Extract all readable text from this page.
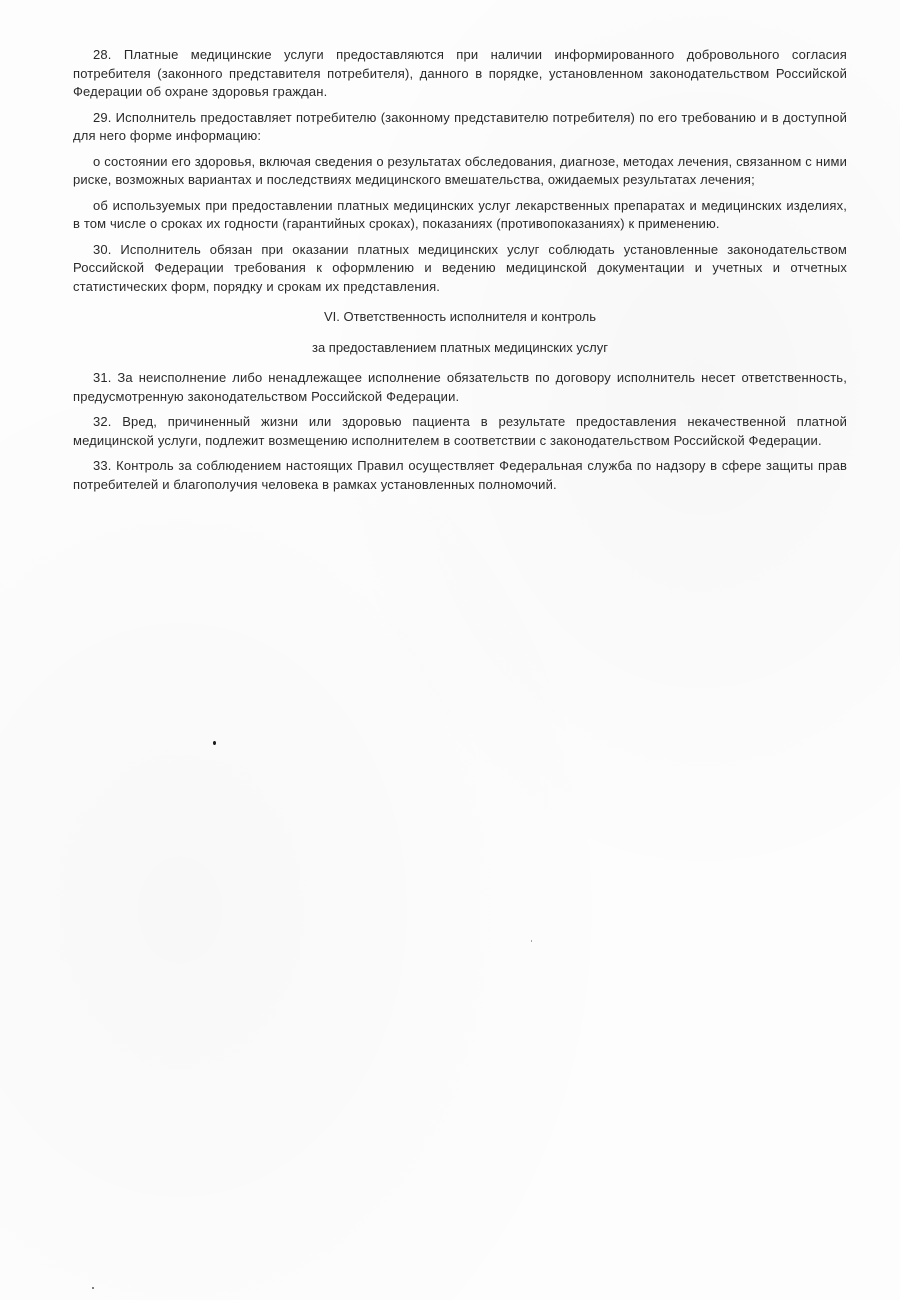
28. Платные медицинские услуги предоставляются при наличии информированного добровольного согласия потребителя (законного представителя потребителя), данного в порядке, установленном законодательством Российской Федерации об охране здоровья граждан.

29. Исполнитель предоставляет потребителю (законному представителю потребителя) по его требованию и в доступной для него форме информацию:

о состоянии его здоровья, включая сведения о результатах обследования, диагнозе, методах лечения, связанном с ними риске, возможных вариантах и последствиях медицинского вмешательства, ожидаемых результатах лечения;

об используемых при предоставлении платных медицинских услуг лекарственных препаратах и медицинских изделиях, в том числе о сроках их годности (гарантийных сроках), показаниях (противопоказаниях) к применению.

30. Исполнитель обязан при оказании платных медицинских услуг соблюдать установленные законодательством Российской Федерации требования к оформлению и ведению медицинской документации и учетных и отчетных статистических форм, порядку и срокам их представления.

VI. Ответственность исполнителя и контроль

за предоставлением платных медицинских услуг

31. За неисполнение либо ненадлежащее исполнение обязательств по договору исполнитель несет ответственность, предусмотренную законодательством Российской Федерации.

32. Вред, причиненный жизни или здоровью пациента в результате предоставления некачественной платной медицинской услуги, подлежит возмещению исполнителем в соответствии с законодательством Российской Федерации.

33. Контроль за соблюдением настоящих Правил осуществляет Федеральная служба по надзору в сфере защиты прав потребителей и благополучия человека в рамках установленных полномочий.
